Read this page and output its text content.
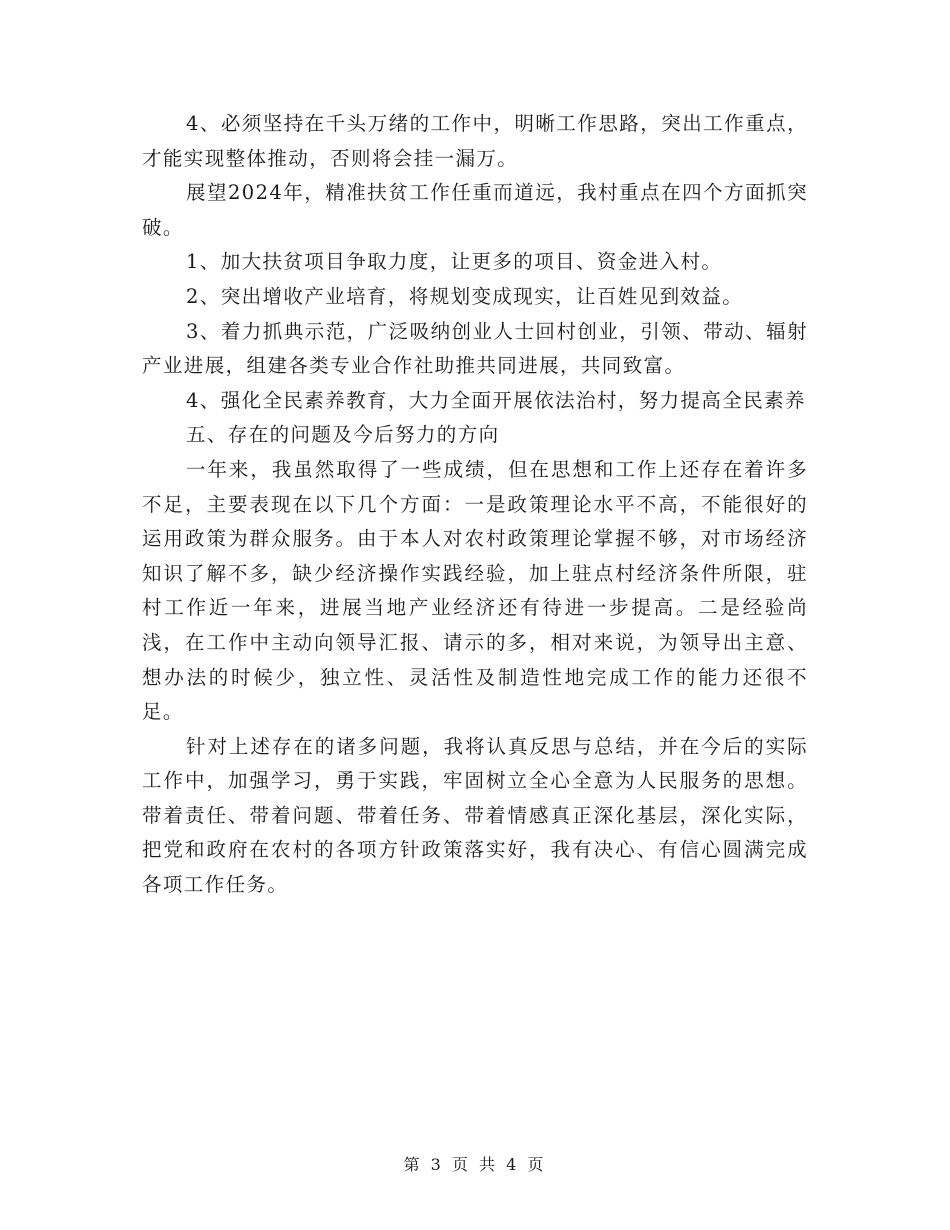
4、必须坚持在千头万绪的工作中，明晰工作思路，突出工作重点，才能实现整体推动，否则将会挂一漏万。

展望2024年，精准扶贫工作任重而道远，我村重点在四个方面抓突破。

1、加大扶贫项目争取力度，让更多的项目、资金进入村。

2、突出增收产业培育，将规划变成现实，让百姓见到效益。

3、着力抓典示范，广泛吸纳创业人士回村创业，引领、带动、辐射产业进展，组建各类专业合作社助推共同进展，共同致富。

4、强化全民素养教育，大力全面开展依法治村，努力提高全民素养

五、存在的问题及今后努力的方向

一年来，我虽然取得了一些成绩，但在思想和工作上还存在着许多不足，主要表现在以下几个方面：一是政策理论水平不高，不能很好的运用政策为群众服务。由于本人对农村政策理论掌握不够，对市场经济知识了解不多，缺少经济操作实践经验，加上驻点村经济条件所限，驻村工作近一年来，进展当地产业经济还有待进一步提高。二是经验尚浅，在工作中主动向领导汇报、请示的多，相对来说，为领导出主意、想办法的时候少，独立性、灵活性及制造性地完成工作的能力还很不足。

针对上述存在的诸多问题，我将认真反思与总结，并在今后的实际工作中，加强学习，勇于实践，牢固树立全心全意为人民服务的思想。带着责任、带着问题、带着任务、带着情感真正深化基层，深化实际，把党和政府在农村的各项方针政策落实好，我有决心、有信心圆满完成各项工作任务。

第 3 页 共 4 页
